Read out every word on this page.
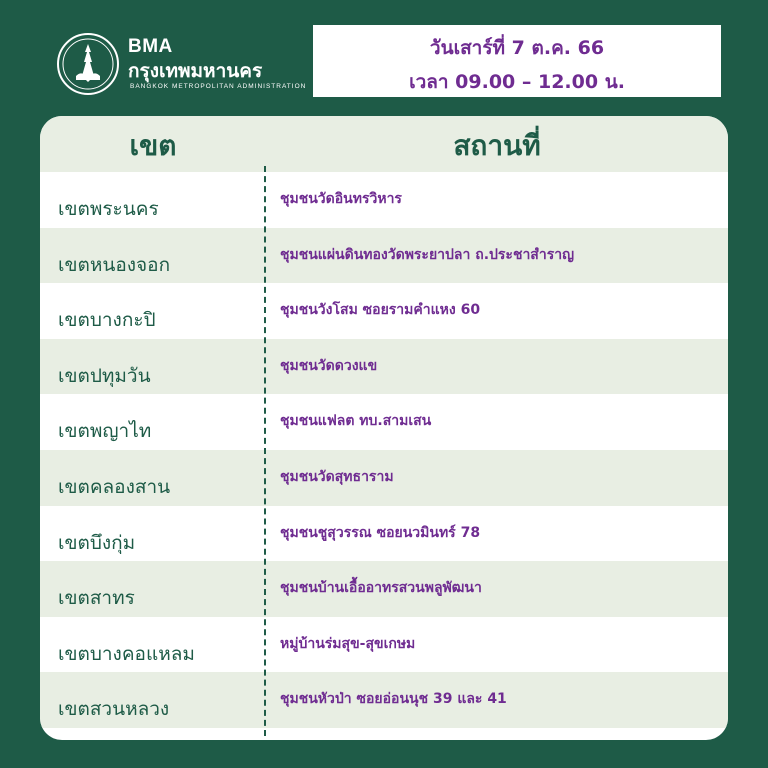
BMA
กรุงเทพมหานคร
BANGKOK METROPOLITAN ADMINISTRATION
วันเสาร์ที่ 7 ต.ค. 66
เวลา 09.00 – 12.00 น.
เขต	สถานที่
เขตพระนคร	ชุมชนวัดอินทรวิหาร
เขตหนองจอก	ชุมชนแผ่นดินทองวัดพระยาปลา ถ.ประชาสำราญ
เขตบางกะปิ	ชุมชนวังโสม ซอยรามคำแหง 60
เขตปทุมวัน	ชุมชนวัดดวงแข
เขตพญาไท	ชุมชนแฟลต ทบ.สามเสน
เขตคลองสาน	ชุมชนวัดสุทธาราม
เขตบึงกุ่ม	ชุมชนชูสุวรรณ ซอยนวมินทร์ 78
เขตสาทร	ชุมชนบ้านเอื้ออาทรสวนพลูพัฒนา
เขตบางคอแหลม	หมู่บ้านร่มสุข-สุขเกษม
เขตสวนหลวง	ชุมชนหัวป่า ซอยอ่อนนุช 39 และ 41
